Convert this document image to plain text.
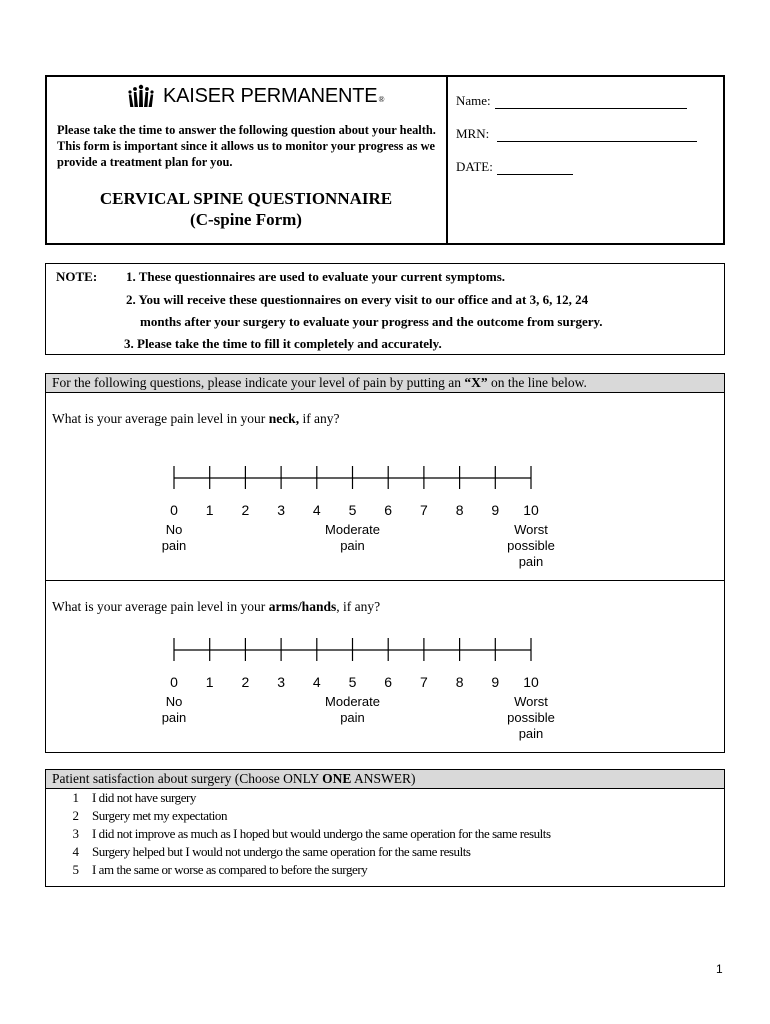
KAISER PERMANENTE ®
Please take the time to answer the following question about your health. This form is important since it allows us to monitor your progress as we provide a treatment plan for you.
CERVICAL SPINE QUESTIONNAIRE
(C-spine Form)
Name:
MRN:
DATE:
NOTE: 1. These questionnaires are used to evaluate your current symptoms.
2. You will receive these questionnaires on every visit to our office and at 3, 6, 12, 24
months after your surgery to evaluate your progress and the outcome from surgery.
3. Please take the time to fill it completely and accurately.
For the following questions, please indicate your level of pain by putting an “X” on the line below.
What is your average pain level in your neck, if any?
0	1	2	3	4	5	6	7	8	9	10
No
pain
Moderate
pain
Worst
possible
pain
What is your average pain level in your arms/hands, if any?
0	1	2	3	4	5	6	7	8	9	10
No
pain
Moderate
pain
Worst
possible
pain
Patient satisfaction about surgery (Choose ONLY ONE ANSWER)
1 I did not have surgery
2 Surgery met my expectation
3 I did not improve as much as I hoped but would undergo the same operation for the same results
4 Surgery helped but I would not undergo the same operation for the same results
5 I am the same or worse as compared to before the surgery
1
